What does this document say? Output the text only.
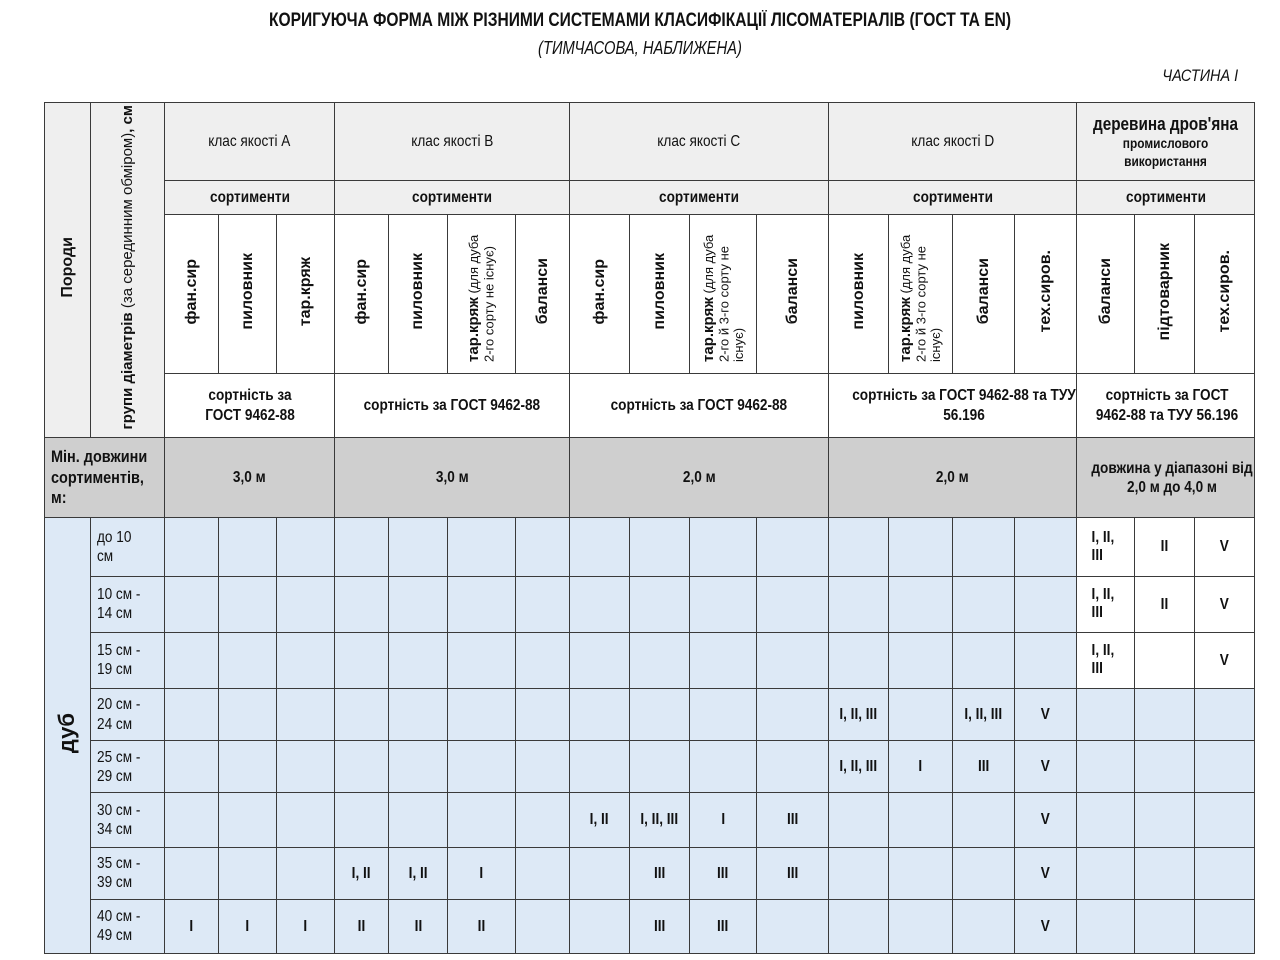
КОРИГУЮЧА ФОРМА МІЖ РІЗНИМИ СИСТЕМАМИ КЛАСИФІКАЦІЇ ЛІСОМАТЕРІАЛІВ (ГОСТ ТА EN)
(ТИМЧАСОВА, НАБЛИЖЕНА)
ЧАСТИНА І
Породи	групи діаметрів (за серединним обміром), см	клас якості A			клас якості B				клас якості C				клас якості D				деревина дров'яна
промислового
використання		

		сортименти			сортименти				сортименти				сортименти				сортименти		
		фан.сир	пиловник	тар.кряж	фан.сир	пиловник	тар.кряж (для дуба 2-го сорту не існує)	баланси	фан.сир	пиловник	тар.кряж (для дуба 2-го й 3-го сорту не існує)	баланси	пиловник	тар.кряж (для дуба 2-го й 3-го сорту не існує)	баланси	тех.сиров.	баланси	підтоварник	тех.сиров.
		сортність за ГОСТ 9462-88			сортність за ГОСТ 9462-88				сортність за ГОСТ 9462-88				сортність за ГОСТ 9462-88 та ТУУ 56.196				сортність за ГОСТ 9462-88 та ТУУ 56.196		
Мін. довжини сортиментів, м:		3,0 м			3,0 м				2,0 м				2,0 м				довжина у діапазоні від 2,0 м до 4,0 м		
дуб	до 10 см																I, II, III	II	V
	10 см - 14 см																I, II, III	II	V
	15 см - 19 см																I, II, III		V
	20 см - 24 см												I, II, III		I, II, III	V			
	25 см - 29 см												I, II, III	I	III	V			
	30 см - 34 см								I, II	I, II, III	I	III				V			
	35 см - 39 см				I, II	I, II	I			III	III	III				V			
	40 см - 49 см	I	I	I	II	II	II			III	III					V			
